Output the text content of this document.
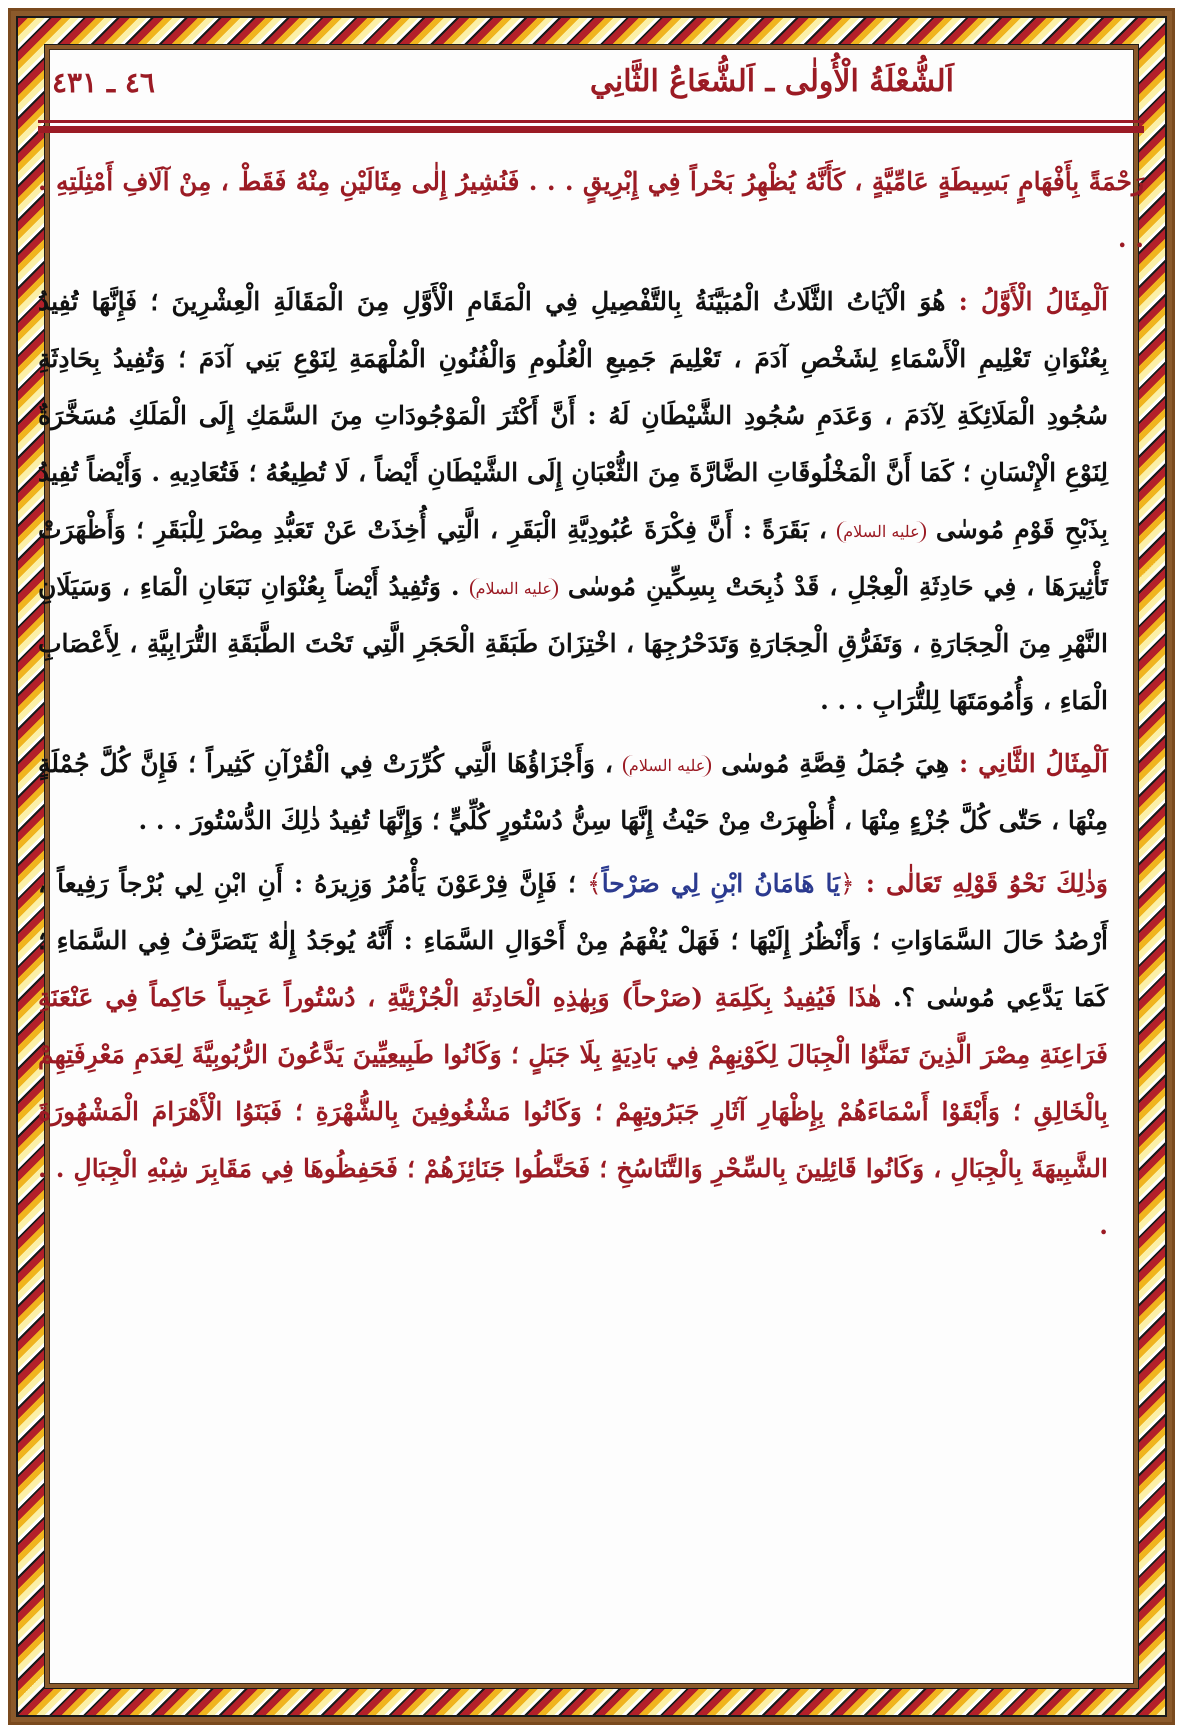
اَلشُّعْلَةُ الْأُولٰى ـ اَلشُّعَاعُ الثَّانِي
٤٦ ـ ٤٣١

رَحْمَةً بِأَفْهَامٍ بَسِيطَةٍ عَامِّيَّةٍ ، كَأَنَّهُ يُظْهِرُ بَحْراً فِي إِبْرِيقٍ . . . فَنُشِيرُ إِلٰى مِثَالَيْنِ مِنْهُ فَقَطْ ، مِنْ آلَافِ أَمْثِلَتِهِ . . .

اَلْمِثَالُ الْأَوَّلُ : هُوَ الْآيَاتُ الثَّلَاثُ الْمُبَيَّنَةُ بِالتَّفْصِيلِ فِي الْمَقَامِ الْأَوَّلِ مِنَ الْمَقَالَةِ الْعِشْرِينَ ؛ فَإِنَّهَا تُفِيدُ بِعُنْوَانِ تَعْلِيمِ الْأَسْمَاءِ لِشَخْصِ آدَمَ ، تَعْلِيمَ جَمِيعِ الْعُلُومِ وَالْفُنُونِ الْمُلْهَمَةِ لِنَوْعِ بَنِي آدَمَ ؛ وَتُفِيدُ بِحَادِثَةِ سُجُودِ الْمَلَائِكَةِ لِآدَمَ ، وَعَدَمِ سُجُودِ الشَّيْطَانِ لَهُ : أَنَّ أَكْثَرَ الْمَوْجُودَاتِ مِنَ السَّمَكِ إِلَى الْمَلَكِ مُسَخَّرَةٌ لِنَوْعِ الْإِنْسَانِ ؛ كَمَا أَنَّ الْمَخْلُوقَاتِ الضَّارَّةَ مِنَ الثُّعْبَانِ إِلَى الشَّيْطَانِ أَيْضاً ، لَا تُطِيعُهُ ؛ فَتُعَادِيهِ . وَأَيْضاً تُفِيدُ بِذَبْحِ قَوْمِ مُوسٰى عليه السلام ، بَقَرَةً : أَنَّ فِكْرَةَ عُبُودِيَّةِ الْبَقَرِ ، الَّتِي أُخِذَتْ عَنْ تَعَبُّدِ مِصْرَ لِلْبَقَرِ ؛ وَأَظْهَرَتْ تَأْثِيرَهَا ، فِي حَادِثَةِ الْعِجْلِ ، قَدْ ذُبِحَتْ بِسِكِّينِ مُوسٰى عليه السلام . وَتُفِيدُ أَيْضاً بِعُنْوَانِ نَبَعَانِ الْمَاءِ ، وَسَيَلَانِ النَّهْرِ مِنَ الْحِجَارَةِ ، وَتَفَرُّقِ الْحِجَارَةِ وَتَدَحْرُجِهَا ، اخْتِزَانَ طَبَقَةِ الْحَجَرِ الَّتِي تَحْتَ الطَّبَقَةِ التُّرَابِيَّةِ ، لِأَعْصَابِ الْمَاءِ ، وَأُمُومَتَهَا لِلتُّرَابِ . . .

اَلْمِثَالُ الثَّانِي : هِيَ جُمَلُ قِصَّةِ مُوسٰى عليه السلام ، وَأَجْزَاؤُهَا الَّتِي كُرِّرَتْ فِي الْقُرْآنِ كَثِيراً ؛ فَإِنَّ كُلَّ جُمْلَةٍ مِنْهَا ، حَتّٰى كُلَّ جُزْءٍ مِنْهَا ، أُظْهِرَتْ مِنْ حَيْثُ إِنَّهَا سِنُّ دُسْتُورٍ كُلِّيٍّ ؛ وَإِنَّهَا تُفِيدُ ذٰلِكَ الدُّسْتُورَ . . .

وَذٰلِكَ نَحْوُ قَوْلِهِ تَعَالٰى : ﴿يَا هَامَانُ ابْنِ لِي صَرْحاً﴾ ؛ فَإِنَّ فِرْعَوْنَ يَأْمُرُ وَزِيرَهُ : أَنِ ابْنِ لِي بُرْجاً رَفِيعاً ، أَرْصُدُ حَالَ السَّمَاوَاتِ ؛ وَأَنْظُرُ إِلَيْهَا ؛ فَهَلْ يُفْهَمُ مِنْ أَحْوَالِ السَّمَاءِ : أَنَّهُ يُوجَدُ إِلٰهٌ يَتَصَرَّفُ فِي السَّمَاءِ ؛ كَمَا يَدَّعِي مُوسٰى ؟. هٰذَا فَيُفِيدُ بِكَلِمَةِ (صَرْحاً) وَبِهٰذِهِ الْحَادِثَةِ الْجُزْئِيَّةِ ، دُسْتُوراً عَجِيباً حَاكِماً فِي عَنْعَنَةِ فَرَاعِنَةِ مِصْرَ الَّذِينَ تَمَنَّوُا الْجِبَالَ لِكَوْنِهِمْ فِي بَادِيَةٍ بِلَا جَبَلٍ ؛ وَكَانُوا طَبِيعِيِّينَ يَدَّعُونَ الرُّبُوبِيَّةَ لِعَدَمِ مَعْرِفَتِهِمْ بِالْخَالِقِ ؛ وَأَبْقَوْا أَسْمَاءَهُمْ بِإِظْهَارِ آثَارِ جَبَرُوتِهِمْ ؛ وَكَانُوا مَشْغُوفِينَ بِالشُّهْرَةِ ؛ فَبَنَوُا الْأَهْرَامَ الْمَشْهُورَةَ الشَّبِيهَةَ بِالْجِبَالِ ، وَكَانُوا قَائِلِينَ بِالسِّحْرِ وَالتَّنَاسُخِ ؛ فَحَنَّطُوا جَنَائِزَهُمْ ؛ فَحَفِظُوهَا فِي مَقَابِرَ شِبْهِ الْجِبَالِ . . .
